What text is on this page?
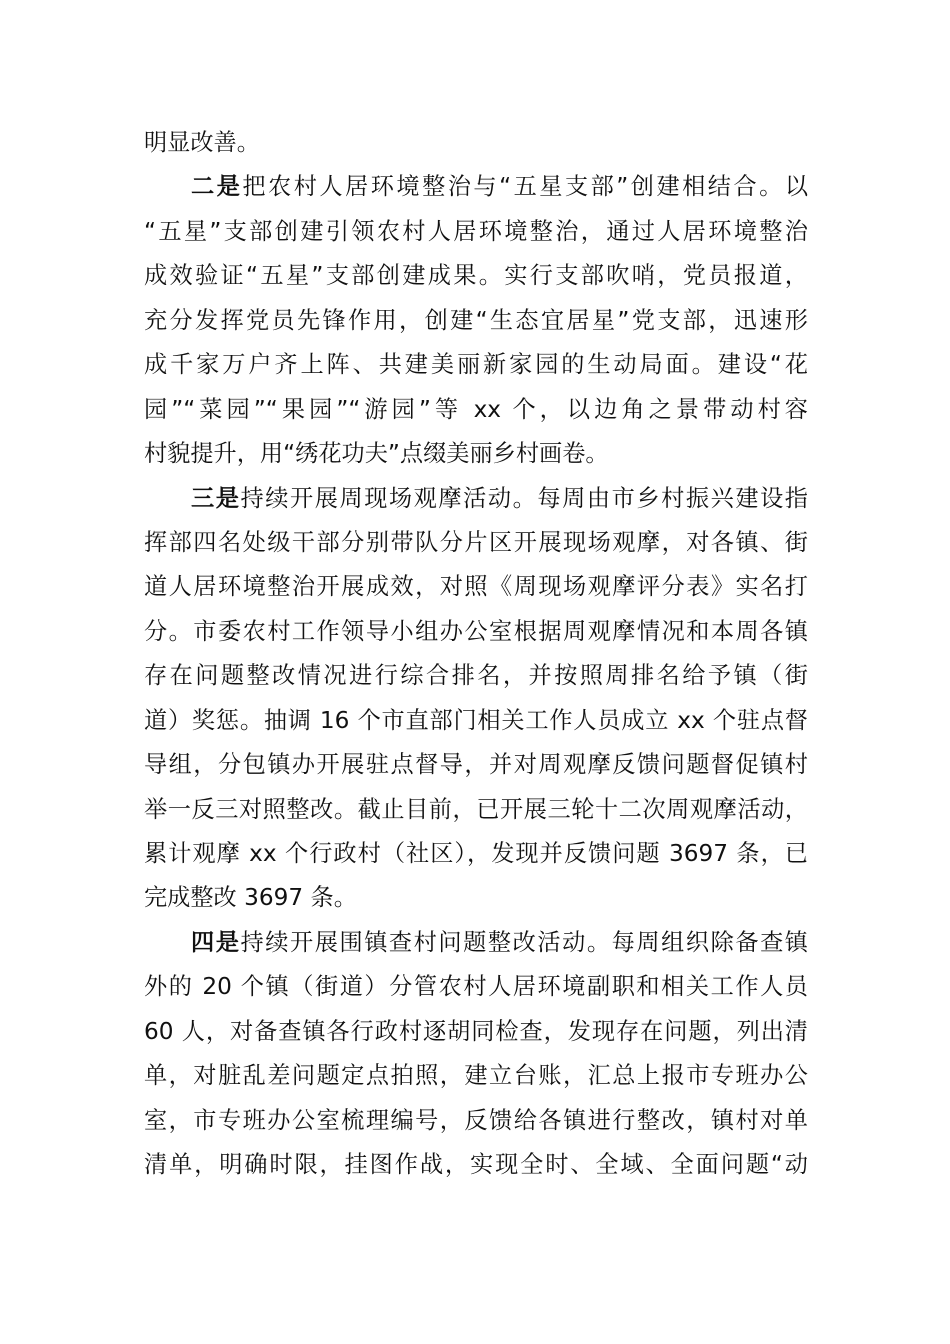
明显改善。
二是把农村人居环境整治与“五星支部”创建相结合。以
“五星”支部创建引领农村人居环境整治，通过人居环境整治
成效验证“五星”支部创建成果。实行支部吹哨，党员报道，
充分发挥党员先锋作用，创建“生态宜居星”党支部，迅速形
成千家万户齐上阵、共建美丽新家园的生动局面。建设“花
园”“菜园”“果园”“游园”等 xx 个，以边角之景带动村容
村貌提升，用“绣花功夫”点缀美丽乡村画卷。
三是持续开展周现场观摩活动。每周由市乡村振兴建设指
挥部四名处级干部分别带队分片区开展现场观摩，对各镇、街
道人居环境整治开展成效，对照《周现场观摩评分表》实名打
分。市委农村工作领导小组办公室根据周观摩情况和本周各镇
存在问题整改情况进行综合排名，并按照周排名给予镇（街
道）奖惩。抽调 16 个市直部门相关工作人员成立 xx 个驻点督
导组，分包镇办开展驻点督导，并对周观摩反馈问题督促镇村
举一反三对照整改。截止目前，已开展三轮十二次周观摩活动，
累计观摩 xx 个行政村（社区），发现并反馈问题 3697 条，已
完成整改 3697 条。
四是持续开展围镇查村问题整改活动。每周组织除备查镇
外的 20 个镇（街道）分管农村人居环境副职和相关工作人员
60 人，对备查镇各行政村逐胡同检查，发现存在问题，列出清
单，对脏乱差问题定点拍照，建立台账，汇总上报市专班办公
室，市专班办公室梳理编号，反馈给各镇进行整改，镇村对单
清单，明确时限，挂图作战，实现全时、全域、全面问题“动
